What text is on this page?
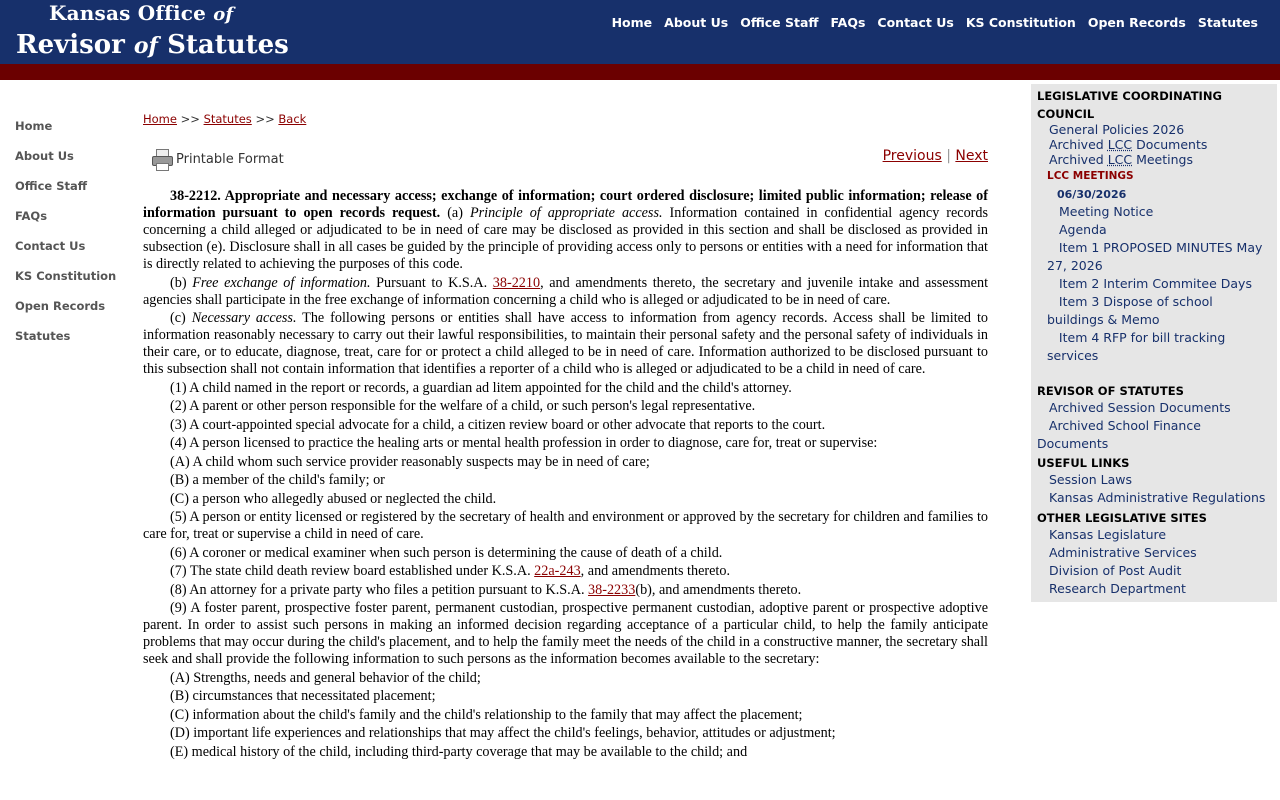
Kansas Office of
Revisor of Statutes
Home About Us Office Staff FAQs Contact Us KS Constitution Open Records Statutes
Home
About Us
Office Staff
FAQs
Contact Us
KS Constitution
Open Records
Statutes
Home >> Statutes >> Back
Printable Format	Previous | Next

38-2212. Appropriate and necessary access; exchange of information; court ordered disclosure; limited public information; release of information pursuant to open records request. (a) Principle of appropriate access. Information contained in confidential agency records concerning a child alleged or adjudicated to be in need of care may be disclosed as provided in this section and shall be disclosed as provided in subsection (e). Disclosure shall in all cases be guided by the principle of providing access only to persons or entities with a need for information that is directly related to achieving the purposes of this code.

(b) Free exchange of information. Pursuant to K.S.A. 38-2210, and amendments thereto, the secretary and juvenile intake and assessment agencies shall participate in the free exchange of information concerning a child who is alleged or adjudicated to be in need of care.

(c) Necessary access. The following persons or entities shall have access to information from agency records. Access shall be limited to information reasonably necessary to carry out their lawful responsibilities, to maintain their personal safety and the personal safety of individuals in their care, or to educate, diagnose, treat, care for or protect a child alleged to be in need of care. Information authorized to be disclosed pursuant to this subsection shall not contain information that identifies a reporter of a child who is alleged or adjudicated to be a child in need of care.

(1) A child named in the report or records, a guardian ad litem appointed for the child and the child's attorney.

(2) A parent or other person responsible for the welfare of a child, or such person's legal representative.

(3) A court-appointed special advocate for a child, a citizen review board or other advocate that reports to the court.

(4) A person licensed to practice the healing arts or mental health profession in order to diagnose, care for, treat or supervise:

(A) A child whom such service provider reasonably suspects may be in need of care;

(B) a member of the child's family; or

(C) a person who allegedly abused or neglected the child.

(5) A person or entity licensed or registered by the secretary of health and environment or approved by the secretary for children and families to care for, treat or supervise a child in need of care.

(6) A coroner or medical examiner when such person is determining the cause of death of a child.

(7) The state child death review board established under K.S.A. 22a-243, and amendments thereto.

(8) An attorney for a private party who files a petition pursuant to K.S.A. 38-2233(b), and amendments thereto.

(9) A foster parent, prospective foster parent, permanent custodian, prospective permanent custodian, adoptive parent or prospective adoptive parent. In order to assist such persons in making an informed decision regarding acceptance of a particular child, to help the family anticipate problems that may occur during the child's placement, and to help the family meet the needs of the child in a constructive manner, the secretary shall seek and shall provide the following information to such persons as the information becomes available to the secretary:

(A) Strengths, needs and general behavior of the child;

(B) circumstances that necessitated placement;

(C) information about the child's family and the child's relationship to the family that may affect the placement;

(D) important life experiences and relationships that may affect the child's feelings, behavior, attitudes or adjustment;

(E) medical history of the child, including third-party coverage that may be available to the child; and

LEGISLATIVE COORDINATING
COUNCIL
General Policies 2026
Archived LCC Documents
Archived LCC Meetings
LCC MEETINGS
06/30/2026
Meeting Notice
Agenda
Item 1 PROPOSED MINUTES May
27, 2026
Item 2 Interim Commitee Days
Item 3 Dispose of school
buildings & Memo
Item 4 RFP for bill tracking
services
REVISOR OF STATUTES
Archived Session Documents
Archived School Finance
Documents
USEFUL LINKS
Session Laws
Kansas Administrative Regulations
OTHER LEGISLATIVE SITES
Kansas Legislature
Administrative Services
Division of Post Audit
Research Department
